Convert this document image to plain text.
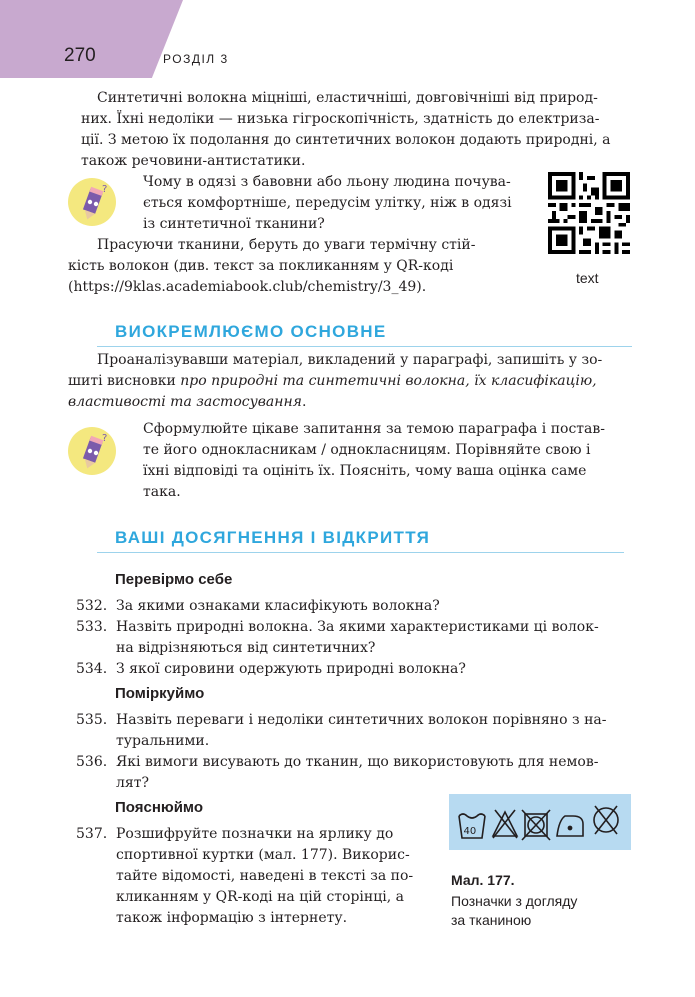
270	РОЗДІЛ 3

Синтетичні волокна міцніші, еластичніші, довговічніші від природ-

них. Їхні недоліки — низька гігроскопічність, здатність до електриза-

ції. З метою їх подолання до синтетичних волокон додають природні, а

також речовини-антистатики.

?	Чому в одязі з бавовни або льону людина почува-

ється комфортніше, передусім улітку, ніж в одязі

із синтетичної тканини?

Прасуючи тканини, беруть до уваги термічну стій-

кість волокон (див. текст за покликанням у QR-коді

(https://9klas.academiabook.club/chemistry/3_49).

text
ВИОКРЕМЛЮЄМО ОСНОВНЕ

Проаналізувавши матеріал, викладений у параграфі, запишіть у зо-

шиті висновки про природні та синтетичні волокна, їх класифікацію,

властивості та застосування.

?

Сформулюйте цікаве запитання за темою параграфа і постав-

те його однокласникам / однокласницям. Порівняйте свою і

їхні відповіді та оцініть їх. Поясніть, чому ваша оцінка саме

така.

ВАШІ ДОСЯГНЕННЯ І ВІДКРИТТЯ
Перевірмо себе
532. За якими ознаками класифікують волокна?

533. Назвіть природні волокна. За якими характеристиками ці волок-

на відрізняються від синтетичних?

534. З якої сировини одержують природні волокна?

Поміркуймо
535. Назвіть переваги і недоліки синтетичних волокон порівняно з на-

туральними.

536. Які вимоги висувають до тканин, що використовують для немов-

лят?

Пояснюймо
537. Розшифруйте позначки на ярлику до

спортивної куртки (мал. 177). Викорис-

тайте відомості, наведені в тексті за по-

кликанням у QR-коді на цій сторінці, а

також інформацію з інтернету.

40
Мал. 177.
Позначки з догляду
за тканиною
